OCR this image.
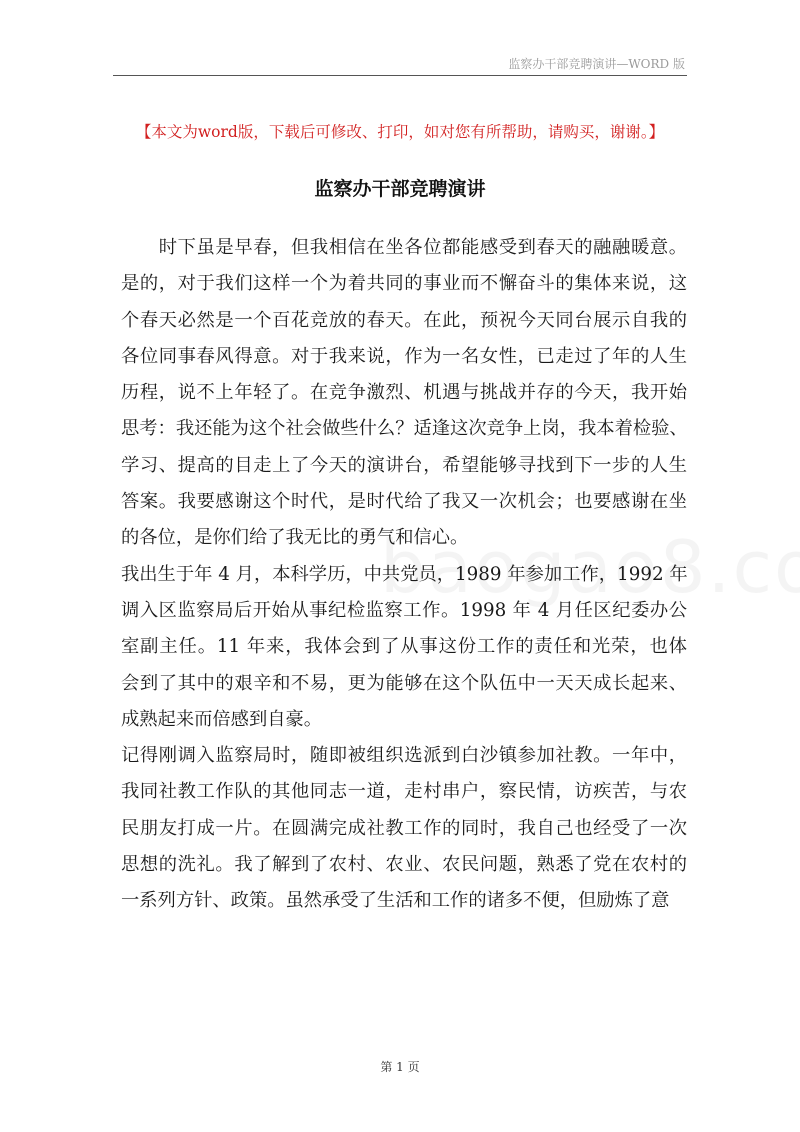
监察办干部竞聘演讲—WORD 版
【本文为word版，下载后可修改、打印，如对您有所帮助，请购买，谢谢。】
监察办干部竞聘演讲
　　时下虽是早春，但我相信在坐各位都能感受到春天的融融暖意。
是的，对于我们这样一个为着共同的事业而不懈奋斗的集体来说，这
个春天必然是一个百花竞放的春天。在此，预祝今天同台展示自我的
各位同事春风得意。对于我来说，作为一名女性，已走过了年的人生
历程，说不上年轻了。在竞争激烈、机遇与挑战并存的今天，我开始
思考：我还能为这个社会做些什么？适逢这次竞争上岗，我本着检验、
学习、提高的目走上了今天的演讲台，希望能够寻找到下一步的人生
答案。我要感谢这个时代，是时代给了我又一次机会；也要感谢在坐
的各位，是你们给了我无比的勇气和信心。
我出生于年 4 月，本科学历，中共党员，1989 年参加工作，1992 年
调入区监察局后开始从事纪检监察工作。1998 年 4 月任区纪委办公
室副主任。11 年来，我体会到了从事这份工作的责任和光荣，也体
会到了其中的艰辛和不易，更为能够在这个队伍中一天天成长起来、
成熟起来而倍感到自豪。
记得刚调入监察局时，随即被组织选派到白沙镇参加社教。一年中，
我同社教工作队的其他同志一道，走村串户，察民情，访疾苦，与农
民朋友打成一片。在圆满完成社教工作的同时，我自己也经受了一次
思想的洗礼。我了解到了农村、农业、农民问题，熟悉了党在农村的
一系列方针、政策。虽然承受了生活和工作的诸多不便，但励炼了意
第 1 页
